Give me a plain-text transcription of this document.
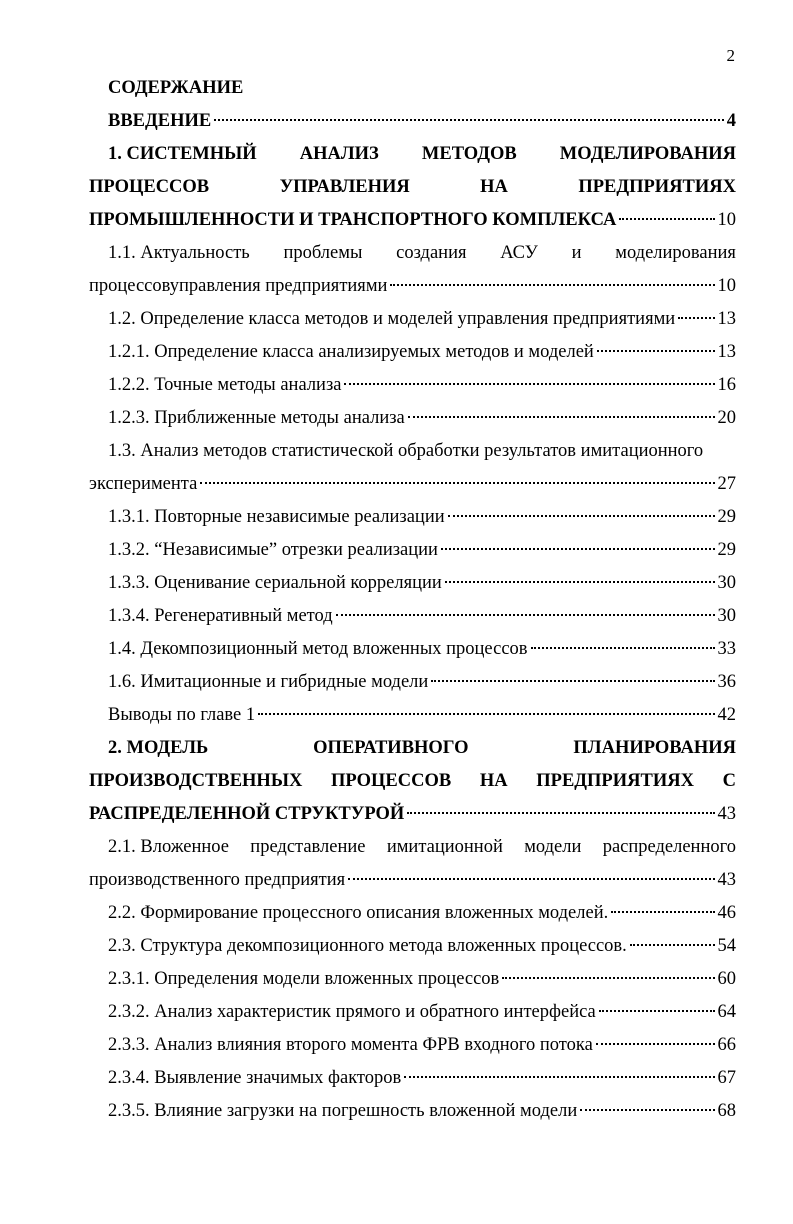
2
СОДЕРЖАНИЕ
ВВЕДЕНИЕ	4
1. СИСТЕМНЫЙ АНАЛИЗ МЕТОДОВ МОДЕЛИРОВАНИЯ
ПРОЦЕССОВ	УПРАВЛЕНИЯ	НА	ПРЕДПРИЯТИЯХ
ПРОМЫШЛЕННОСТИ И ТРАНСПОРТНОГО КОМПЛЕКСА	10
1.1. Актуальность проблемы создания АСУ и моделирования
процессовуправления предприятиями	10
1.2. Определение класса методов и моделей управления предприятиями 13
1.2.1. Определение класса анализируемых методов и моделей	13
1.2.2. Точные методы анализа	16
1.2.3. Приближенные методы анализа	20
1.3. Анализ методов статистической обработки результатов имитационного
эксперимента	27
1.3.1. Повторные независимые реализации	29
1.3.2. “Независимые” отрезки реализации	29
1.3.3. Оценивание сериальной корреляции	30
1.3.4. Регенеративный метод	30
1.4. Декомпозиционный метод вложенных процессов	33
1.6. Имитационные и гибридные модели	36
Выводы по главе 1	42
2. МОДЕЛЬ	ОПЕРАТИВНОГО	ПЛАНИРОВАНИЯ
ПРОИЗВОДСТВЕННЫХ ПРОЦЕССОВ НА ПРЕДПРИЯТИЯХ С
РАСПРЕДЕЛЕННОЙ СТРУКТУРОЙ	43
2.1. Вложенное представление имитационной модели распределенного
производственного предприятия	43
2.2. Формирование процессного описания вложенных моделей.	46
2.3. Структура декомпозиционного метода вложенных процессов.	54
2.3.1. Определения модели вложенных процессов	60
2.3.2. Анализ характеристик прямого и обратного интерфейса	64
2.3.3. Анализ влияния второго момента ФРВ входного потока	66
2.3.4. Выявление значимых факторов	67
2.3.5. Влияние загрузки на погрешность вложенной модели	68
